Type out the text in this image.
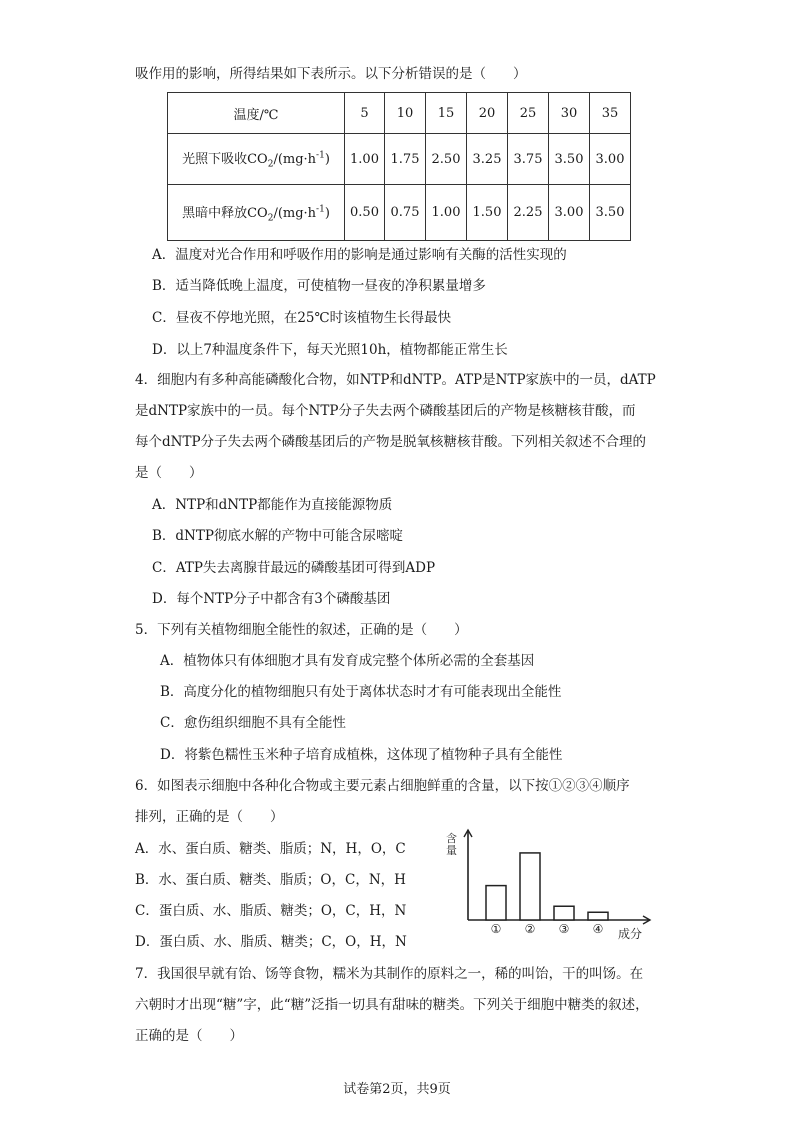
吸作用的影响，所得结果如下表所示。以下分析错误的是（　　）
温度/℃	5	10	15	20	25	30	35
光照下吸收$CO_2/(mg\cdot h^{-1})$	1.00	1.75	2.50	3.25	3.75	3.50	3.00
黑暗中释放$CO_2/(mg\cdot h^{-1})$	0.50	0.75	1.00	1.50	2.25	3.00	3.50
A．温度对光合作用和呼吸作用的影响是通过影响有关酶的活性实现的
B．适当降低晚上温度，可使植物一昼夜的净积累量增多
C．昼夜不停地光照，在25℃时该植物生长得最快
D．以上7种温度条件下，每天光照10h，植物都能正常生长
4．细胞内有多种高能磷酸化合物，如NTP和dNTP。ATP是NTP家族中的一员，dATP
是dNTP家族中的一员。每个NTP分子失去两个磷酸基团后的产物是核糖核苷酸，而
每个dNTP分子失去两个磷酸基团后的产物是脱氧核糖核苷酸。下列相关叙述不合理的
是（　　）
A．NTP和dNTP都能作为直接能源物质
B．dNTP彻底水解的产物中可能含尿嘧啶
C．ATP失去离腺苷最远的磷酸基团可得到ADP
D．每个NTP分子中都含有3个磷酸基团
5．下列有关植物细胞全能性的叙述，正确的是（　　）
A．植物体只有体细胞才具有发育成完整个体所必需的全套基因
B．高度分化的植物细胞只有处于离体状态时才有可能表现出全能性
C．愈伤组织细胞不具有全能性
D．将紫色糯性玉米种子培育成植株，这体现了植物种子具有全能性
6．如图表示细胞中各种化合物或主要元素占细胞鲜重的含量，以下按①②③④顺序
排列，正确的是（　　）
A．水、蛋白质、糖类、脂质；N，H，O，C
B．水、蛋白质、糖类、脂质；O，C，N，H
C．蛋白质、水、脂质、糖类；O，C，H，N
D．蛋白质、水、脂质、糖类；C，O，H，N
含量
成分
① ② ③ ④
7．我国很早就有饴、饧等食物，糯米为其制作的原料之一，稀的叫饴，干的叫饧。在
六朝时才出现“糖”字，此“糖”泛指一切具有甜味的糖类。下列关于细胞中糖类的叙述，
正确的是（　　）
试卷第2页，共9页
